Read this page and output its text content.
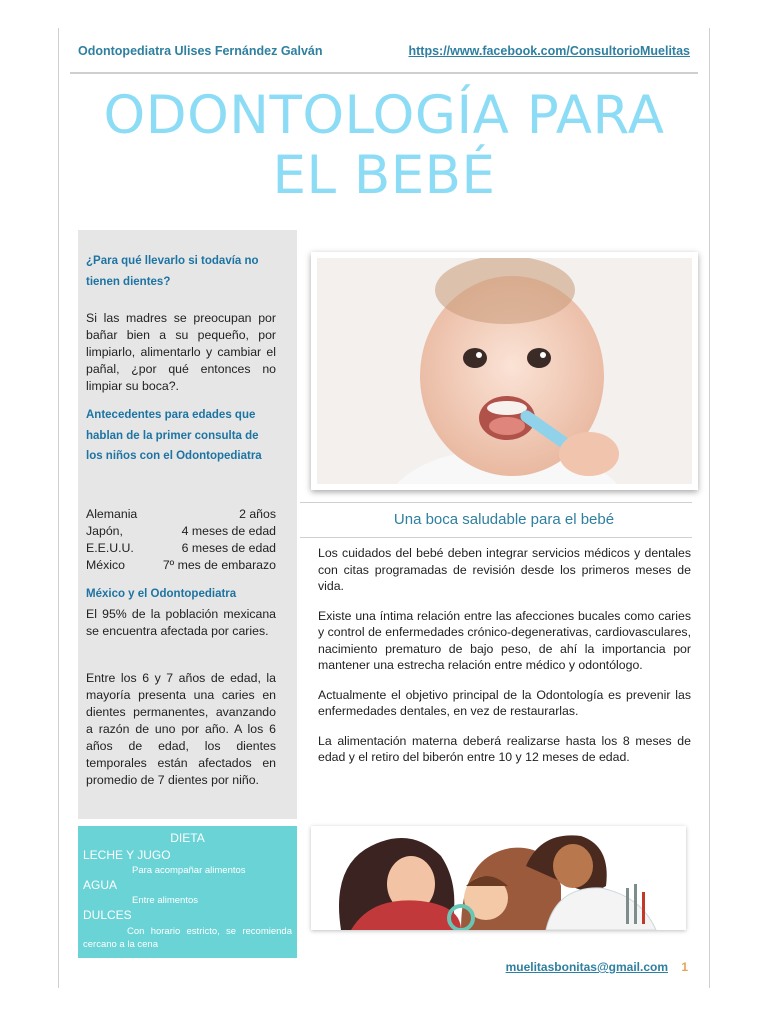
Odontopediatra Ulises Fernández Galván	https://www.facebook.com/ConsultorioMuelitas
ODONTOLOGÍA PARA
EL BEBÉ
¿Para qué llevarlo si todavía no tienen dientes?
Si las madres se preocupan por bañar bien a su pequeño, por limpiarlo, alimentarlo y cambiar el pañal, ¿por qué entonces no limpiar su boca?.
Antecedentes para edades que hablan de la primer consulta de los niños con el Odontopediatra
Alemania	2 años
Japón,	4 meses de edad
E.E.U.U.	6 meses de edad
México	7º mes de embarazo
México y el Odontopediatra
El 95% de la población mexicana se encuentra afectada por caries.
Entre los 6 y 7 años de edad, la mayoría presenta una caries en dientes permanentes, avanzando a razón de uno por año. A los 6 años de edad, los dientes temporales están afectados en promedio de 7 dientes por niño.
Una boca saludable para el bebé

Los cuidados del bebé deben integrar servicios médicos y dentales con citas programadas de revisión desde los primeros meses de vida.

Existe una íntima relación entre las afecciones bucales como caries y control de enfermedades crónico-degenerativas, cardiovasculares, nacimiento prematuro de bajo peso, de ahí la importancia por mantener una estrecha relación entre médico y odontólogo.

Actualmente el objetivo principal de la Odontología es prevenir las enfermedades dentales, en vez de restaurarlas.

La alimentación materna deberá realizarse hasta los 8 meses de edad y el retiro del biberón entre 10 y 12 meses de edad.

DIETA
LECHE Y JUGO
Para acompañar alimentos
AGUA
Entre alimentos
DULCES
Con horario estricto, se recomienda cercano a la cena
muelitasbonitas@gmail.com 1
